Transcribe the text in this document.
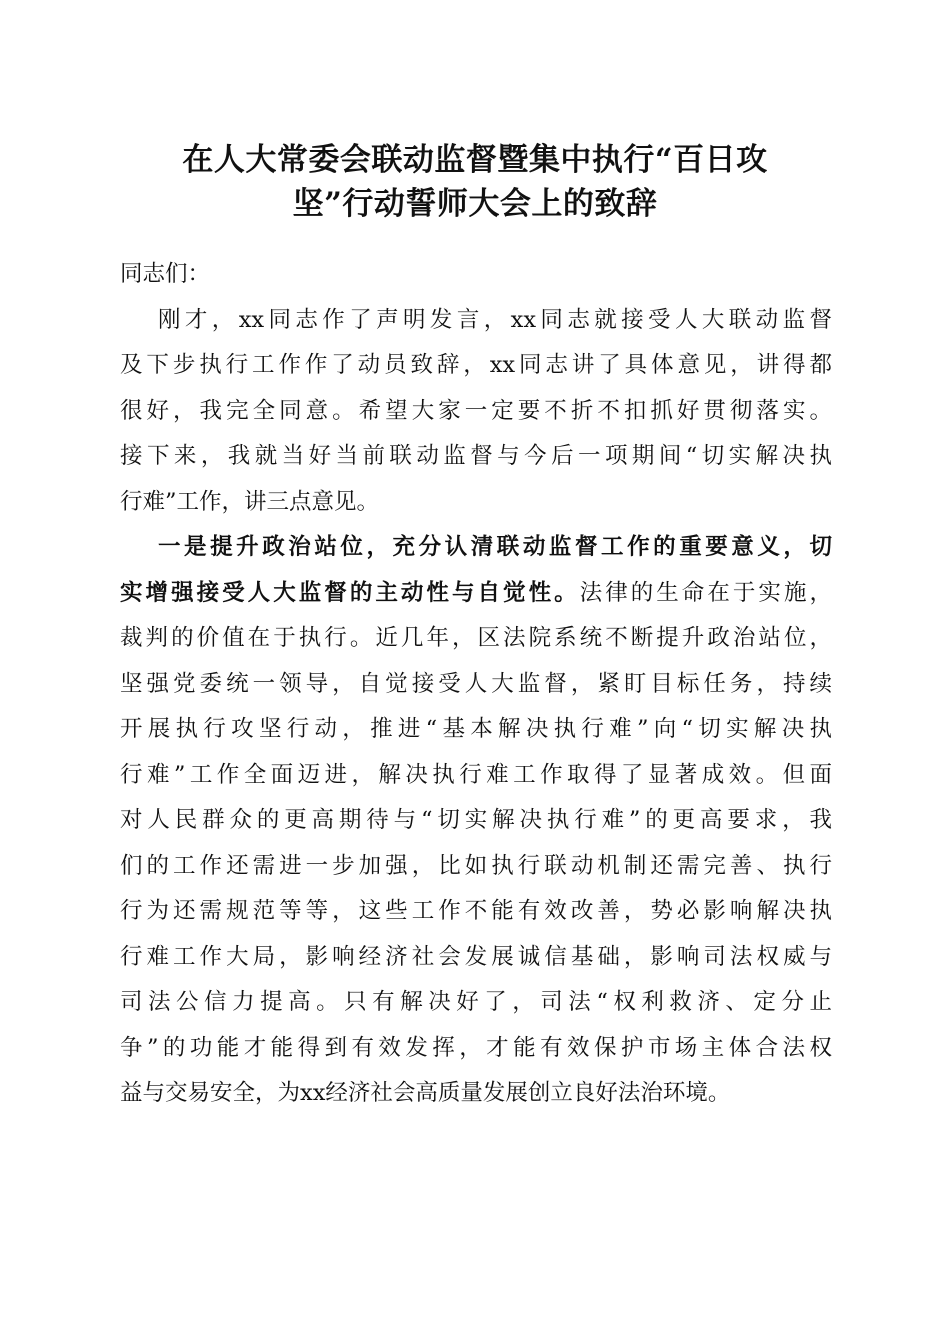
在人大常委会联动监督暨集中执行“百日攻
坚”行动誓师大会上的致辞
同志们：
刚才，xx同志作了声明发言，xx同志就接受人大联动监督
及下步执行工作作了动员致辞，xx同志讲了具体意见，讲得都
很好，我完全同意。希望大家一定要不折不扣抓好贯彻落实。
接下来，我就当好当前联动监督与今后一项期间“切实解决执
行难”工作，讲三点意见。
一是提升政治站位，充分认清联动监督工作的重要意义，切
实增强接受人大监督的主动性与自觉性。法律的生命在于实施，
裁判的价值在于执行。近几年，区法院系统不断提升政治站位，
坚强党委统一领导，自觉接受人大监督，紧盯目标任务，持续
开展执行攻坚行动，推进“基本解决执行难”向“切实解决执
行难”工作全面迈进，解决执行难工作取得了显著成效。但面
对人民群众的更高期待与“切实解决执行难”的更高要求，我
们的工作还需进一步加强，比如执行联动机制还需完善、执行
行为还需规范等等，这些工作不能有效改善，势必影响解决执
行难工作大局，影响经济社会发展诚信基础，影响司法权威与
司法公信力提高。只有解决好了，司法“权利救济、定分止
争”的功能才能得到有效发挥，才能有效保护市场主体合法权
益与交易安全，为xx经济社会高质量发展创立良好法治环境。
